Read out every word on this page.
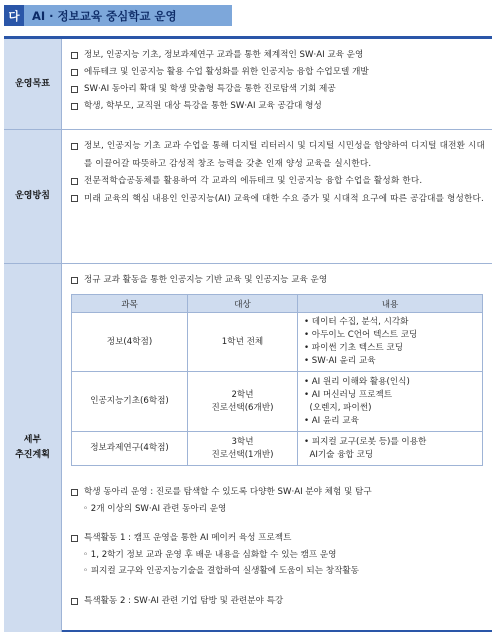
다	AI · 정보교육 중심학교 운영
운영목표
정보, 인공지능 기초, 정보과제연구 교과를 통한 체계적인 SW·AI 교육 운영
에듀테크 및 인공지능 활용 수업 활성화를 위한 인공지능 융합 수업모델 개발
SW·AI 동아리 확대 및 학생 맞춤형 특강을 통한 진로탐색 기회 제공
학생, 학부모, 교직원 대상 특강을 통한 SW·AI 교육 공감대 형성
운영방침
정보, 인공지능 기초 교과 수업을 통해 디지털 리터러시 및 디지털 시민성을 함양하여 디지털 대전환 시대를 이끌어갈 따뜻하고 감성적 창조 능력을 갖춘 인재 양성 교육을 실시한다.
전문적학습공동체를 활용하여 각 교과의 에듀테크 및 인공지능 융합 수업을 활성화 한다.
미래 교육의 핵심 내용인 인공지능(AI) 교육에 대한 수요 증가 및 시대적 요구에 따른 공감대를 형성한다.
세부
추진계획
정규 교과 활동을 통한 인공지능 기반 교육 및 인공지능 교육 운영
과목	대상	내용
정보(4학점)	1학년 전체	• 데이터 수집, 분석, 시각화
• 아두이노 C언어 텍스트 코딩
• 파이썬 기초 텍스트 코딩
• SW·AI 윤리 교육

인공지능기초(6학점)	2학년
진로선택(6개반)	• AI 원리 이해와 활용(인식)
• AI 머신러닝 프로젝트
(오렌지, 파이썬)
• AI 윤리 교육

정보과제연구(4학점)	3학년
진로선택(1개반)	• 피지컬 교구(로봇 등)를 이용한
AI기술 융합 코딩
학생 동아리 운영 : 진로를 탐색할 수 있도록 다양한 SW·AI 분야 체험 및 탐구
◦ 2개 이상의 SW·AI 관련 동아리 운영
특색활동 1 : 캠프 운영을 통한 AI 메이커 육성 프로젝트
◦ 1, 2학기 정보 교과 운영 후 배운 내용을 심화할 수 있는 캠프 운영
◦ 피지컬 교구와 인공지능기술을 결합하여 실생활에 도움이 되는 창작활동
특색활동 2 : SW·AI 관련 기업 탐방 및 관련분야 특강
